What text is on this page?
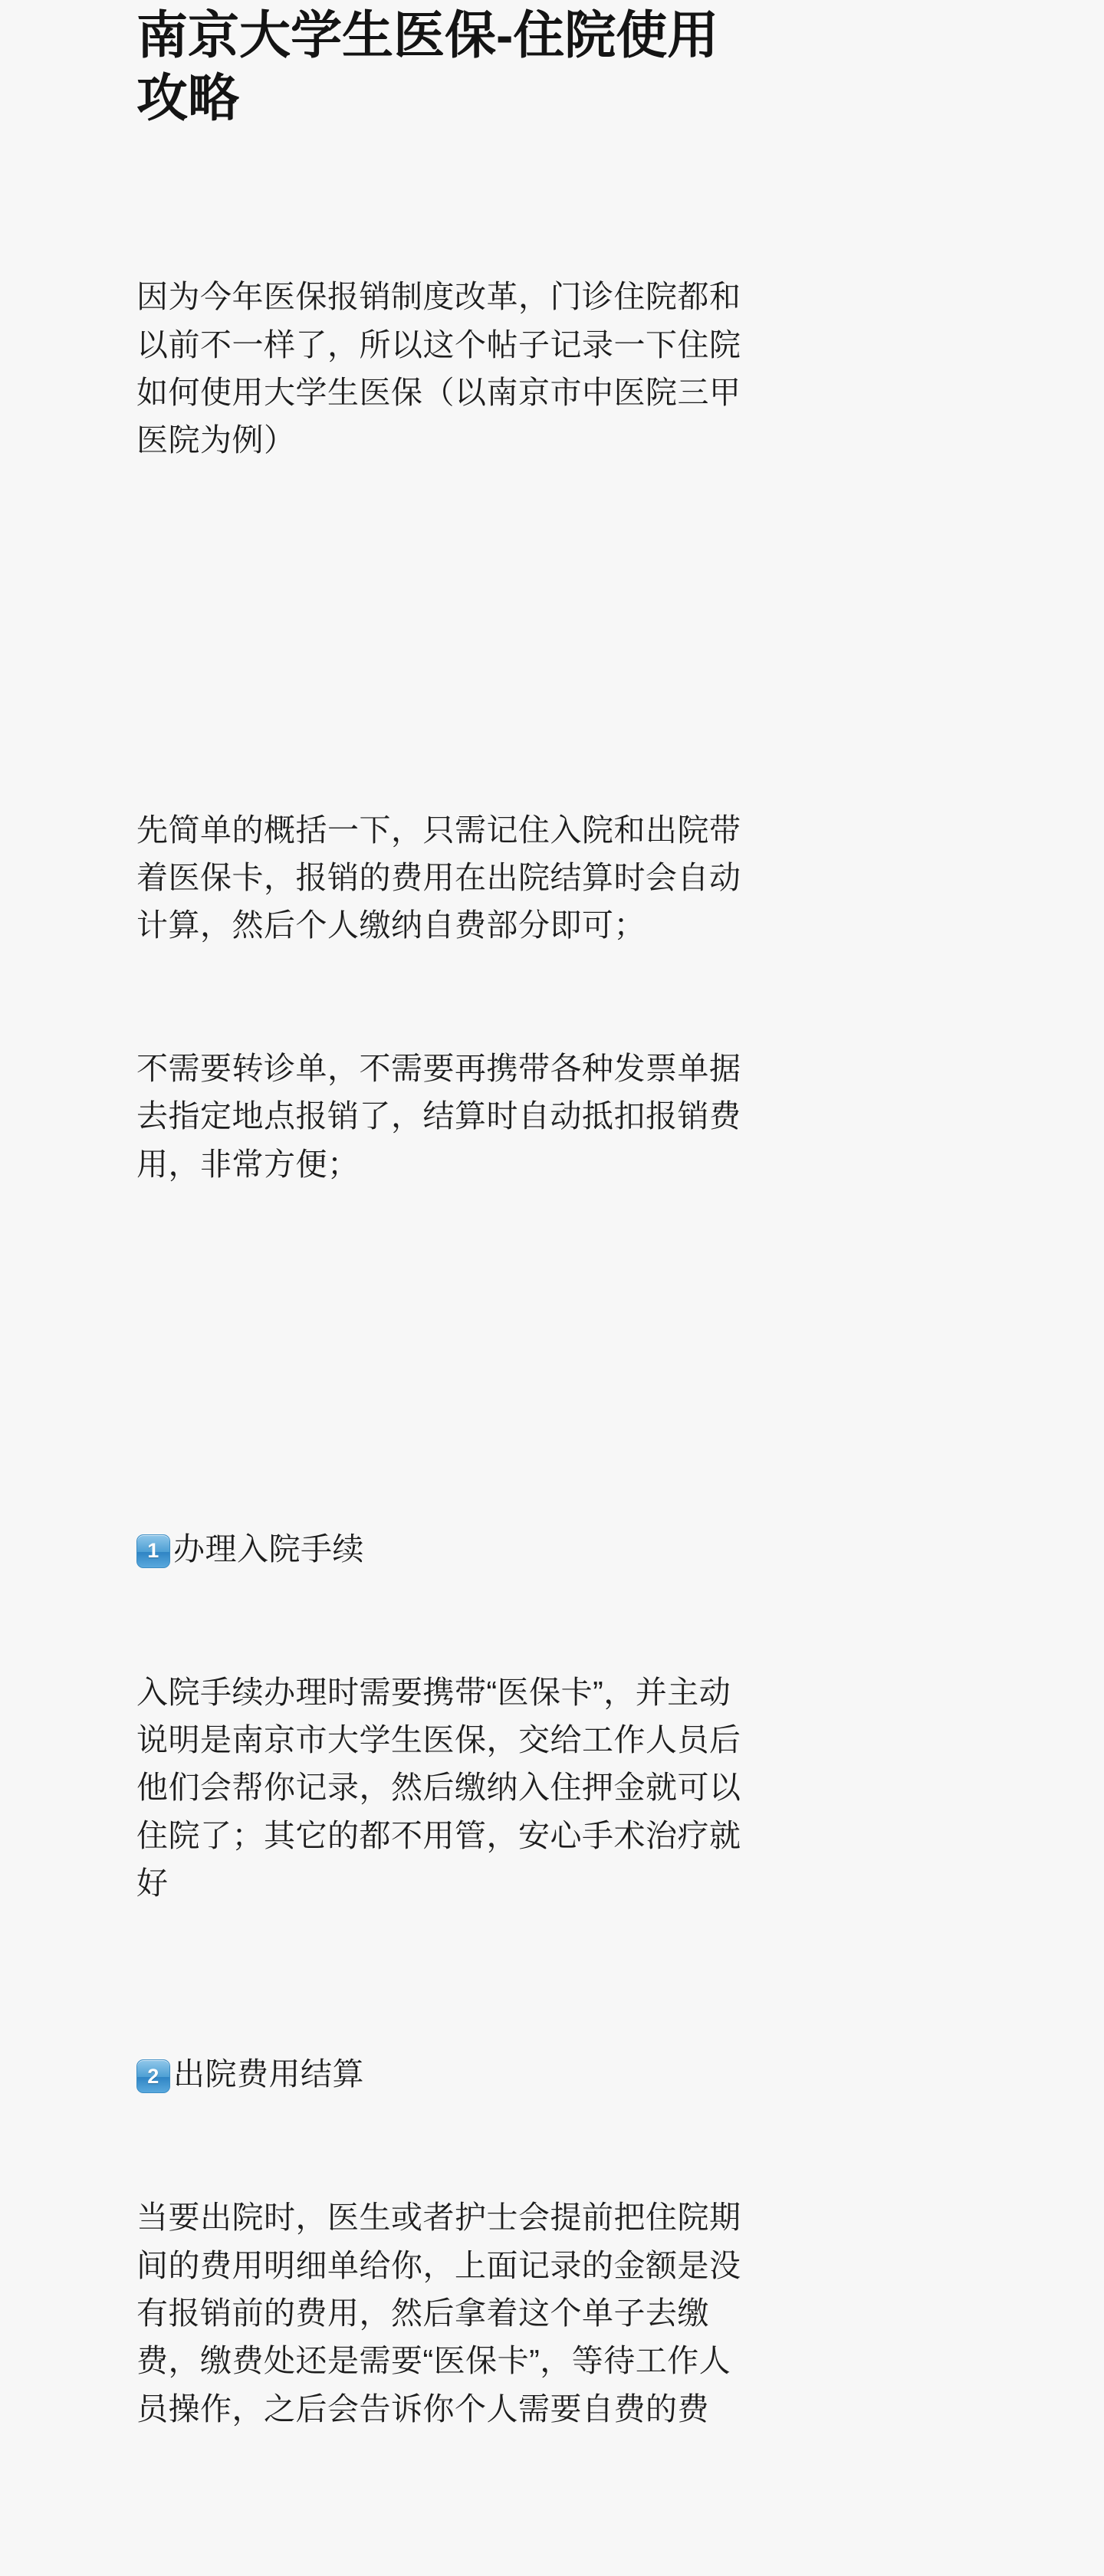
南京大学生医保-住院使用攻略

因为今年医保报销制度改革，门诊住院都和以前不一样了，所以这个帖子记录一下住院如何使用大学生医保（以南京市中医院三甲医院为例）

先简单的概括一下，只需记住入院和出院带着医保卡，报销的费用在出院结算时会自动计算，然后个人缴纳自费部分即可；

不需要转诊单，不需要再携带各种发票单据去指定地点报销了，结算时自动抵扣报销费用，非常方便；

1 办理入院手续

入院手续办理时需要携带“医保卡”，并主动说明是南京市大学生医保，交给工作人员后他们会帮你记录，然后缴纳入住押金就可以住院了；其它的都不用管，安心手术治疗就好

2 出院费用结算

当要出院时，医生或者护士会提前把住院期间的费用明细单给你，上面记录的金额是没有报销前的费用，然后拿着这个单子去缴费，缴费处还是需要“医保卡”，等待工作人员操作，之后会告诉你个人需要自费的费
